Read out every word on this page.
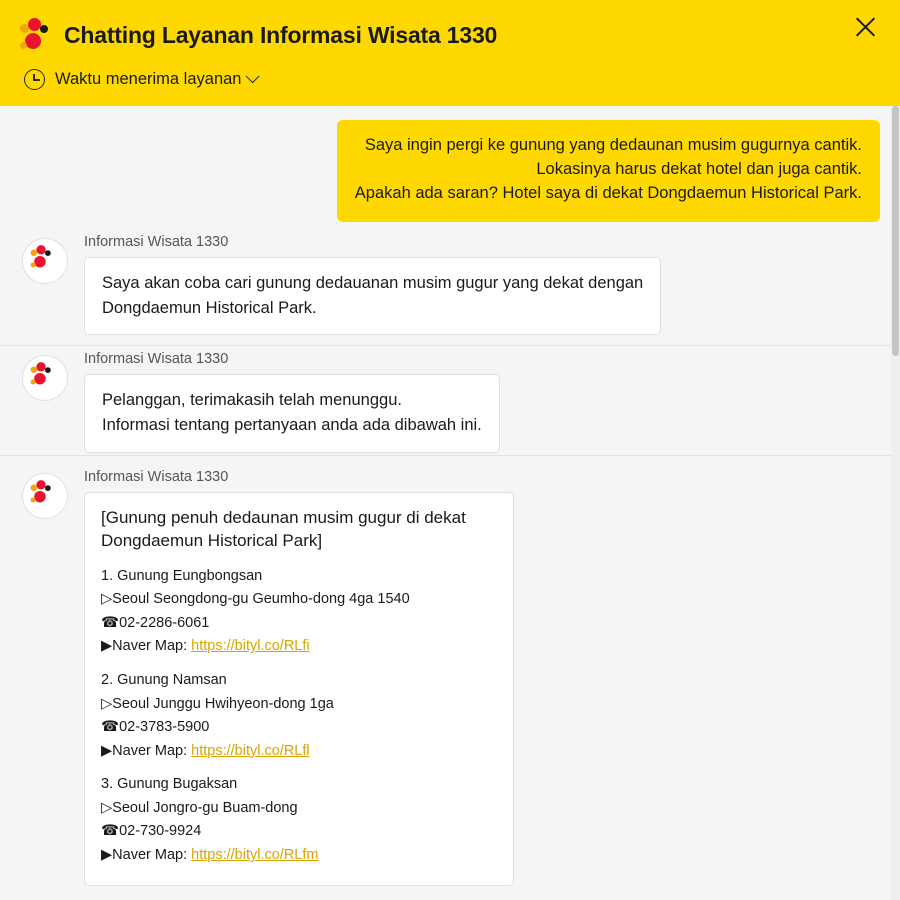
Chatting Layanan Informasi Wisata 1330
Waktu menerima layanan
Saya ingin pergi ke gunung yang dedaunan musim gugurnya cantik.
Lokasinya harus dekat hotel dan juga cantik.
Apakah ada saran? Hotel saya di dekat Dongdaemun Historical Park.
Informasi Wisata 1330
Saya akan coba cari gunung dedauanan musim gugur yang dekat dengan
Dongdaemun Historical Park.
Informasi Wisata 1330
Pelanggan, terimakasih telah menunggu.
Informasi tentang pertanyaan anda ada dibawah ini.
Informasi Wisata 1330
[Gunung penuh dedaunan musim gugur di dekat
Dongdaemun Historical Park]
1. Gunung Eungbongsan
▷Seoul Seongdong-gu Geumho-dong 4ga 1540
☎02-2286-6061
▶Naver Map: https://bityl.co/RLfi
2. Gunung Namsan
▷Seoul Junggu Hwihyeon-dong 1ga
☎02-3783-5900
▶Naver Map: https://bityl.co/RLfl
3. Gunung Bugaksan
▷Seoul Jongro-gu Buam-dong
☎02-730-9924
▶Naver Map: https://bityl.co/RLfm
